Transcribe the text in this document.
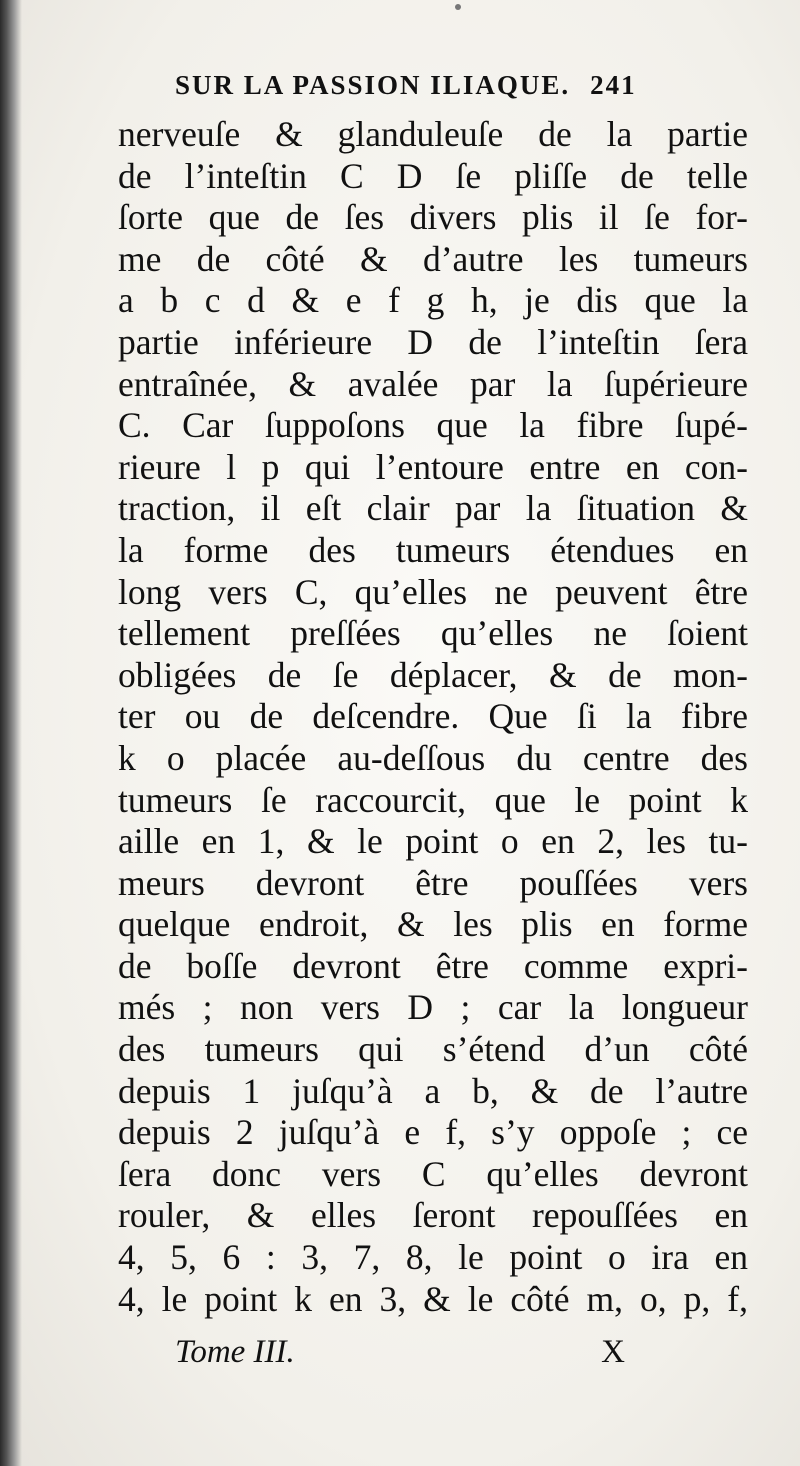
SUR LA PASSION ILIAQUE. 241
nerveuſe & glanduleuſe de la partie
de l’inteſtin C D ſe pliſſe de telle
ſorte que de ſes divers plis il ſe for-
me de côté & d’autre les tumeurs
a b c d & e f g h, je dis que la
partie inférieure D de l’inteſtin ſera
entraînée, & avalée par la ſupérieure
C. Car ſuppoſons que la fibre ſupé-
rieure l p qui l’entoure entre en con-
traction, il eſt clair par la ſituation &
la forme des tumeurs étendues en
long vers C, qu’elles ne peuvent être
tellement preſſées qu’elles ne ſoient
obligées de ſe déplacer, & de mon-
ter ou de deſcendre. Que ſi la fibre
k o placée au-deſſous du centre des
tumeurs ſe raccourcit, que le point k
aille en 1, & le point o en 2, les tu-
meurs devront être pouſſées vers
quelque endroit, & les plis en forme
de boſſe devront être comme expri-
més ; non vers D ; car la longueur
des tumeurs qui s’étend d’un côté
depuis 1 juſqu’à a b, & de l’autre
depuis 2 juſqu’à e f, s’y oppoſe ; ce
ſera donc vers C qu’elles devront
rouler, & elles ſeront repouſſées en
4, 5, 6 : 3, 7, 8, le point o ira en
4, le point k en 3, & le côté m, o, p, f,
Tome III.	X
